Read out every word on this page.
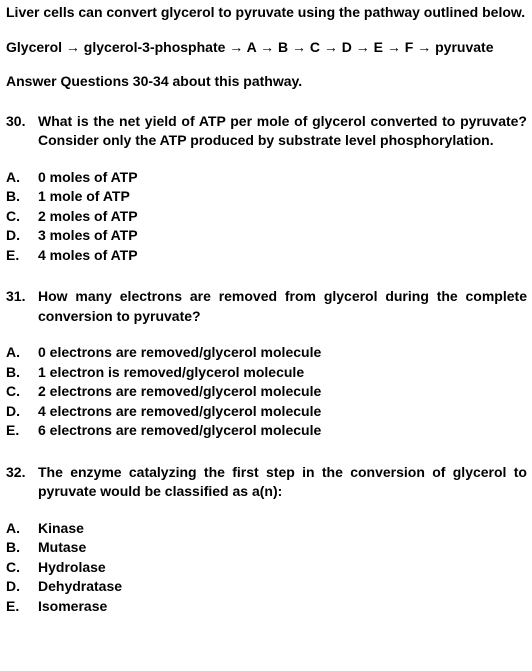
Liver cells can convert glycerol to pyruvate using the pathway outlined below.

Glycerol → glycerol-3-phosphate → A → B → C → D → E → F → pyruvate

Answer Questions 30-34 about this pathway.

30. What is the net yield of ATP per mole of glycerol converted to pyruvate? Consider only the ATP produced by substrate level phosphorylation.
A.	0 moles of ATP
B.	1 mole of ATP
C.	2 moles of ATP
D.	3 moles of ATP
E.	4 moles of ATP
31. How many electrons are removed from glycerol during the complete conversion to pyruvate?
A.	0 electrons are removed/glycerol molecule
B.	1 electron is removed/glycerol molecule
C.	2 electrons are removed/glycerol molecule
D.	4 electrons are removed/glycerol molecule
E.	6 electrons are removed/glycerol molecule
32. The enzyme catalyzing the first step in the conversion of glycerol to pyruvate would be classified as a(n):
A.	Kinase
B.	Mutase
C.	Hydrolase
D.	Dehydratase
E.	Isomerase
